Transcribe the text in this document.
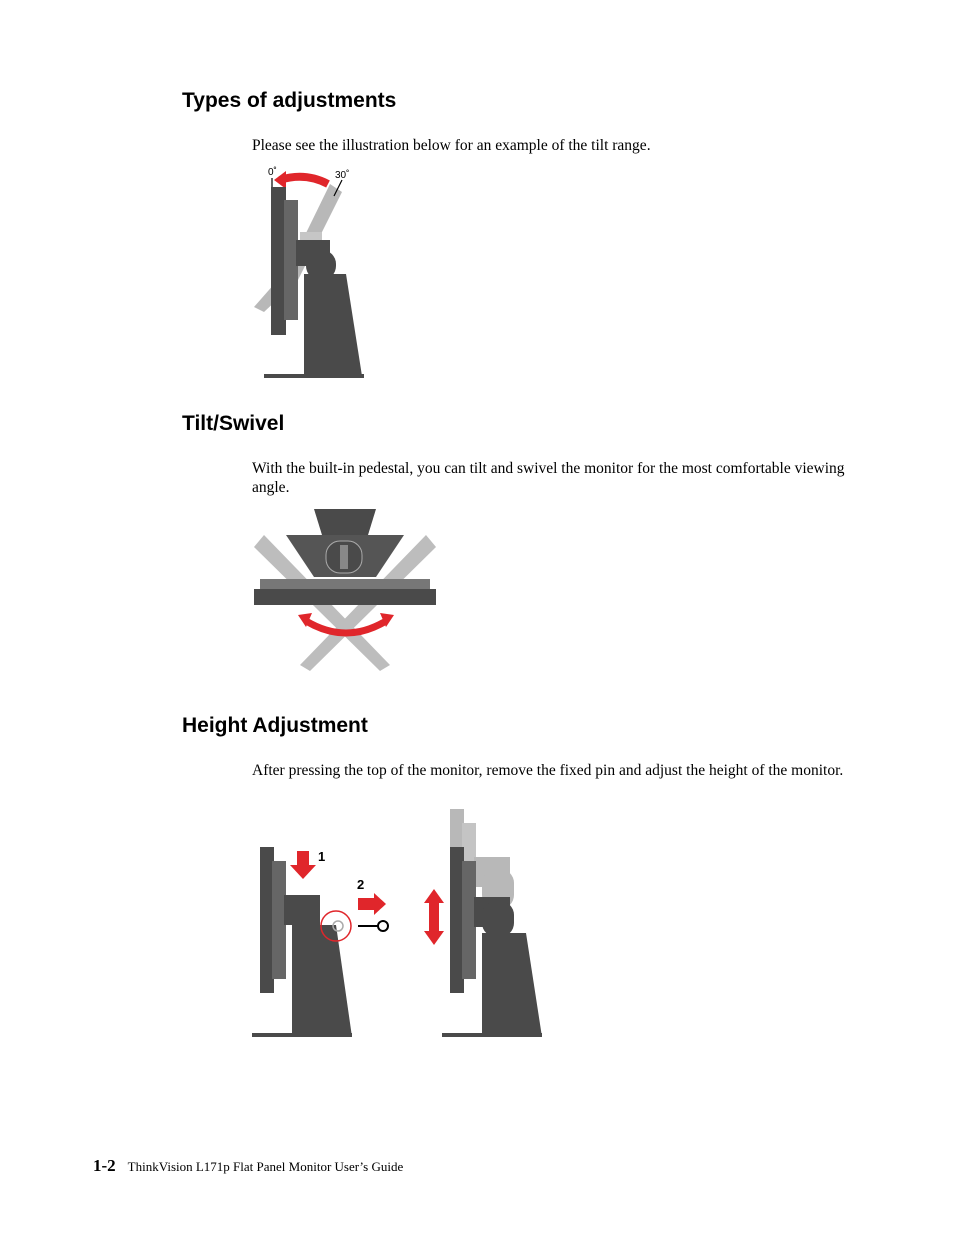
Types of adjustments

Please see the illustration below for an example of the tilt range.

0˚	30˚
Tilt/Swivel

With the built-in pedestal, you can tilt and swivel the monitor for the most comfortable viewing angle.

Height Adjustment

After pressing the top of the monitor, remove the fixed pin and adjust the height of the monitor.

1
2
1-2 ThinkVision L171p Flat Panel Monitor User’s Guide
